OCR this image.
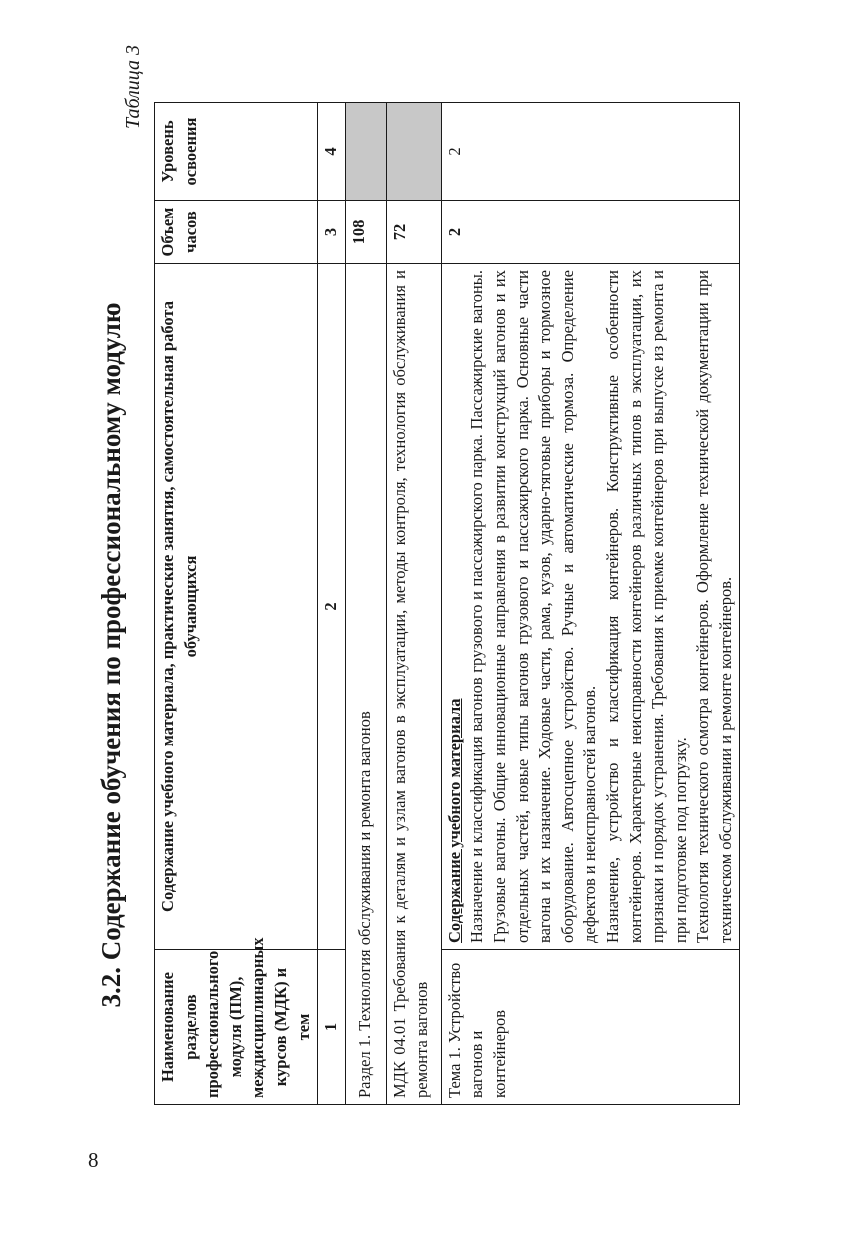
8
3.2. Содержание обучения по профессиональному модулю
Таблица 3
Наименование разделов профессионального модуля (ПМ), междисциплинарных курсов (МДК) и тем	Содержание учебного материала, практические занятия, самостоятельная работа обучающихся	Объем часов	Уровень освоения
1	2	3	4
Раздел 1. Технология обслуживания и ремонта вагонов		108	
МДК 04.01 Требования к деталям и узлам вагонов в эксплуатации, методы контроля, технология обслуживания и ремонта вагонов		72	
Тема 1. Устройство вагонов и контейнеров	Содержание учебного материала Назначение и классификация вагонов грузового и пассажирского парка. Пассажирские вагоны. Грузовые вагоны. Общие инновационные направления в развитии конструкций вагонов и их отдельных частей, новые типы вагонов грузового и пассажирского парка. Основные части вагона и их назначение. Ходовые части, рама, кузов, ударно-тяговые приборы и тормозное оборудование. Автосцепное устройство. Ручные и автоматические тормоза. Определение дефектов и неисправностей вагонов. Назначение, устройство и классификация контейнеров. Конструктивные особенности контейнеров. Характерные неисправности контейнеров различных типов в эксплуатации, их признаки и порядок устранения. Требования к приемке контейнеров при выпуске из ремонта и при подготовке под погрузку. Технология технического осмотра контейнеров. Оформление технической документации при техническом обслуживании и ремонте контейнеров.	2	2
